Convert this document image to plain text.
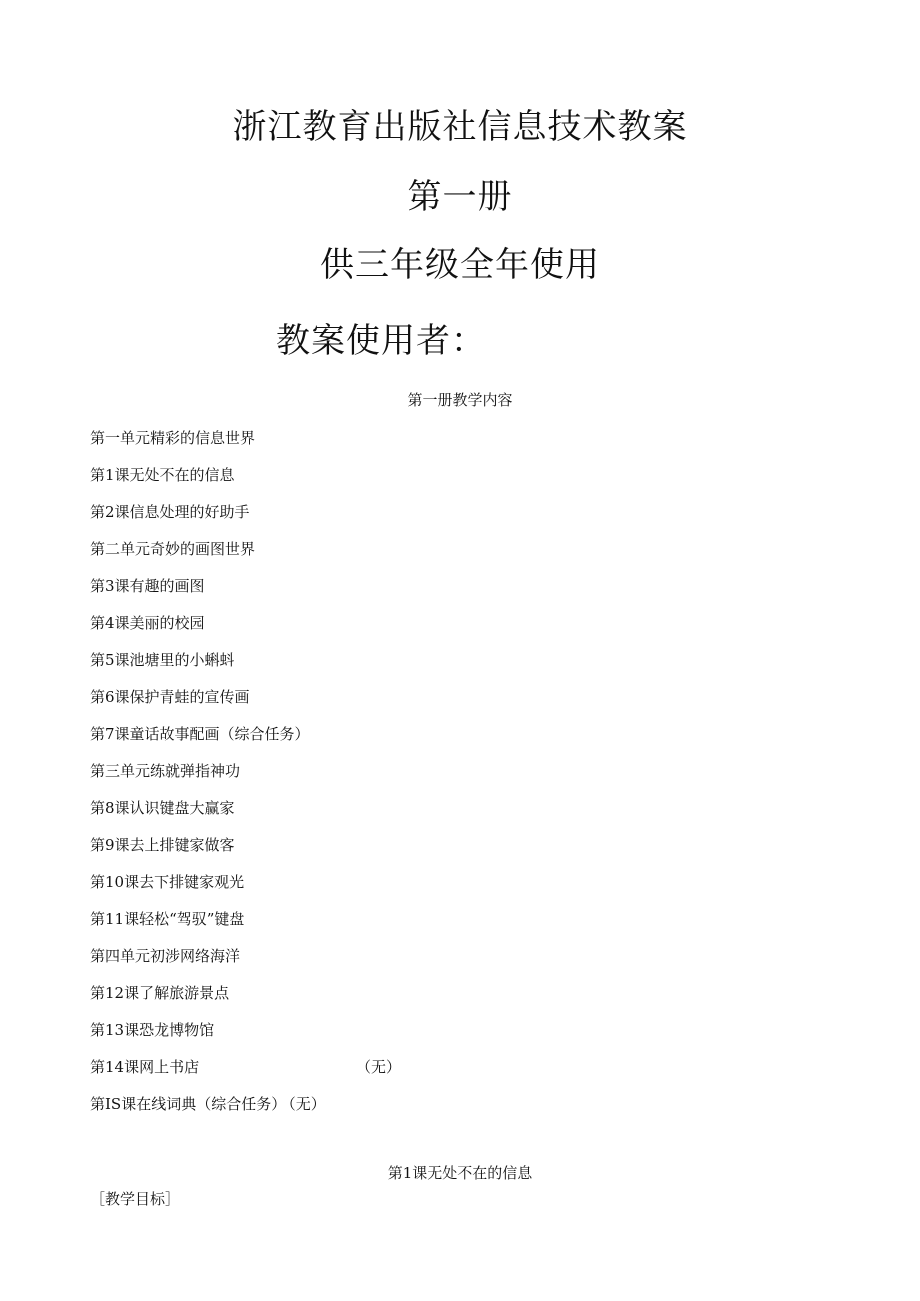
浙江教育出版社信息技术教案
第一册
供三年级全年使用
教案使用者：
第一册教学内容
第一单元精彩的信息世界
第1课无处不在的信息
第2课信息处理的好助手
第二单元奇妙的画图世界
第3课有趣的画图
第4课美丽的校园
第5课池塘里的小蝌蚪
第6课保护青蛙的宣传画
第7课童话故事配画（综合任务）
第三单元练就弹指神功
第8课认识键盘大赢家
第9课去上排键家做客
第10课去下排键家观光
第11课轻松“驾驭”键盘
第四单元初涉网络海洋
第12课了解旅游景点
第13课恐龙博物馆
第14课网上书店	（无）
第IS课在线词典（综合任务） （无）
第1课无处不在的信息
［教学目标］
